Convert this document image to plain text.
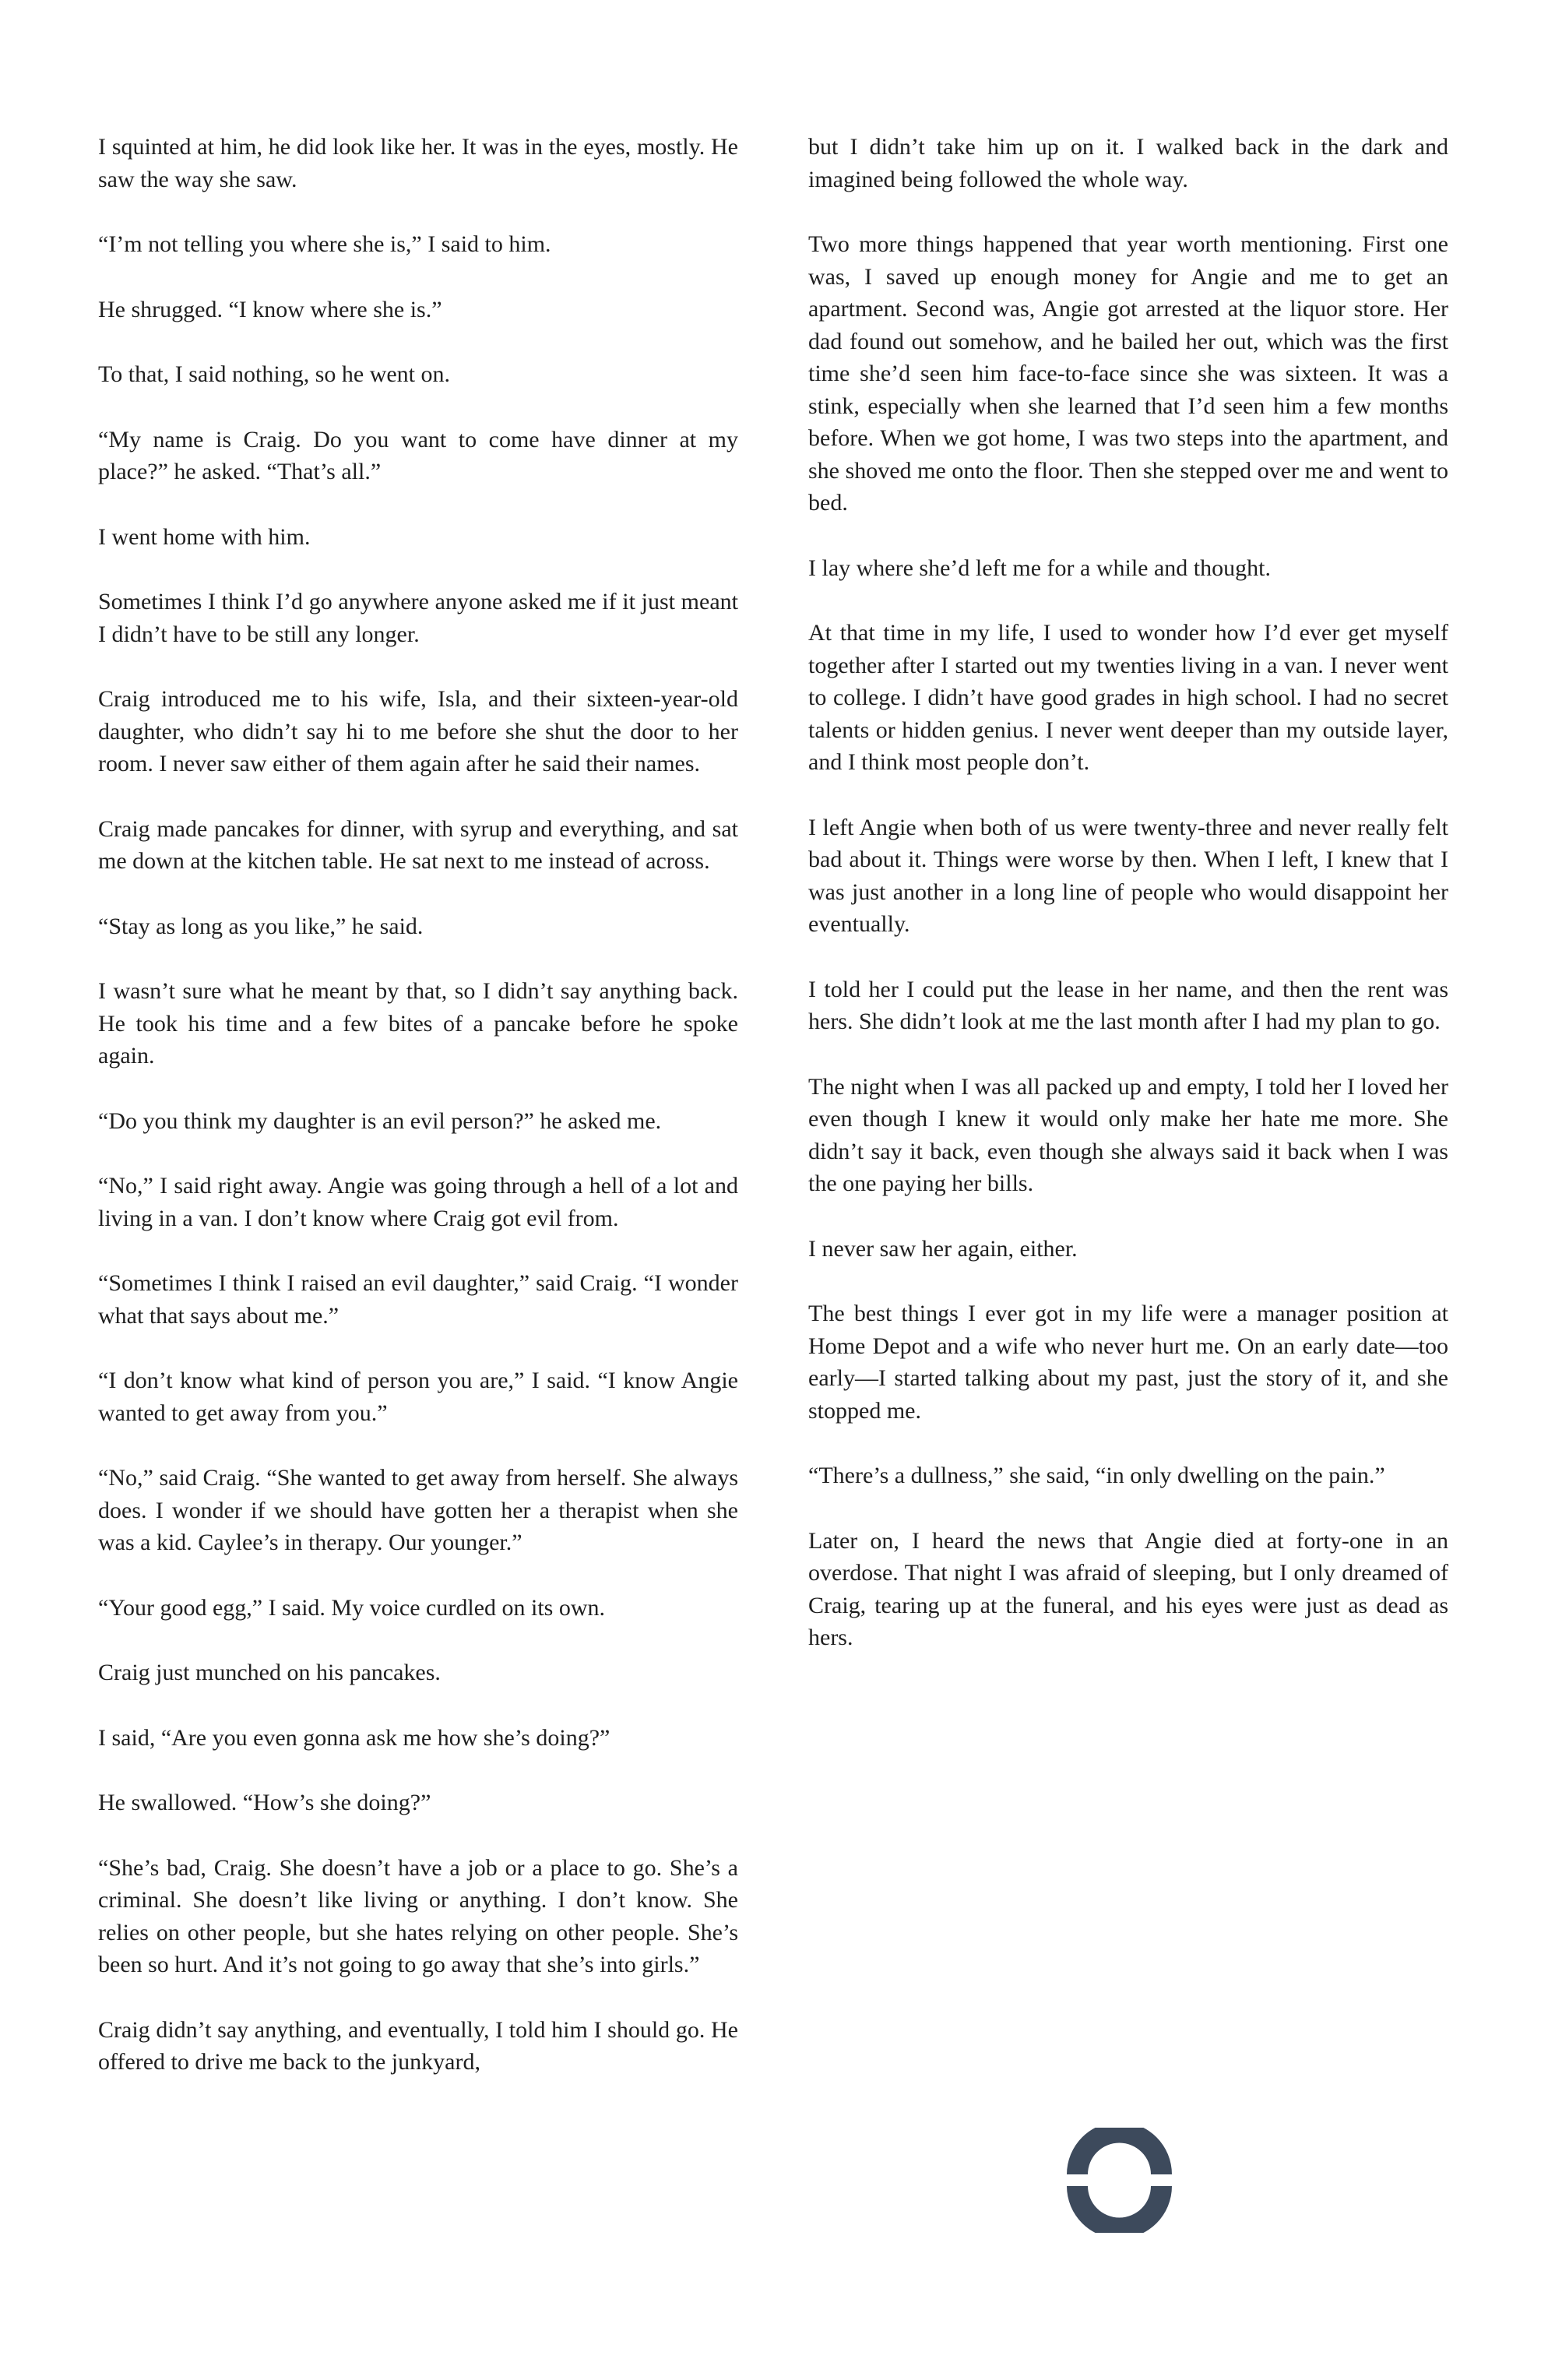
I squinted at him, he did look like her. It was in the eyes, mostly. He saw the way she saw.

“I’m not telling you where she is,” I said to him.

He shrugged. “I know where she is.”

To that, I said nothing, so he went on.

“My name is Craig. Do you want to come have dinner at my place?” he asked. “That’s all.”

I went home with him.

Sometimes I think I’d go anywhere anyone asked me if it just meant I didn’t have to be still any longer.

Craig introduced me to his wife, Isla, and their sixteen-year-old daughter, who didn’t say hi to me before she shut the door to her room. I never saw either of them again after he said their names.

Craig made pancakes for dinner, with syrup and everything, and sat me down at the kitchen table. He sat next to me instead of across.

“Stay as long as you like,” he said.

I wasn’t sure what he meant by that, so I didn’t say anything back. He took his time and a few bites of a pancake before he spoke again.

“Do you think my daughter is an evil person?” he asked me.

“No,” I said right away. Angie was going through a hell of a lot and living in a van. I don’t know where Craig got evil from.

“Sometimes I think I raised an evil daughter,” said Craig. “I wonder what that says about me.”

“I don’t know what kind of person you are,” I said. “I know Angie wanted to get away from you.”

“No,” said Craig. “She wanted to get away from herself. She always does. I wonder if we should have gotten her a therapist when she was a kid. Caylee’s in therapy. Our younger.”

“Your good egg,” I said. My voice curdled on its own.

Craig just munched on his pancakes.

I said, “Are you even gonna ask me how she’s doing?”

He swallowed. “How’s she doing?”

“She’s bad, Craig. She doesn’t have a job or a place to go. She’s a criminal. She doesn’t like living or anything. I don’t know. She relies on other people, but she hates relying on other people. She’s been so hurt. And it’s not going to go away that she’s into girls.”

Craig didn’t say anything, and eventually, I told him I should go. He offered to drive me back to the junkyard,

but I didn’t take him up on it. I walked back in the dark and imagined being followed the whole way.

Two more things happened that year worth mentioning. First one was, I saved up enough money for Angie and me to get an apartment. Second was, Angie got arrested at the liquor store. Her dad found out somehow, and he bailed her out, which was the first time she’d seen him face-to-face since she was sixteen. It was a stink, especially when she learned that I’d seen him a few months before. When we got home, I was two steps into the apartment, and she shoved me onto the floor. Then she stepped over me and went to bed.

I lay where she’d left me for a while and thought.

At that time in my life, I used to wonder how I’d ever get myself together after I started out my twenties living in a van. I never went to college. I didn’t have good grades in high school. I had no secret talents or hidden genius. I never went deeper than my outside layer, and I think most people don’t.

I left Angie when both of us were twenty-three and never really felt bad about it. Things were worse by then. When I left, I knew that I was just another in a long line of people who would disappoint her eventually.

I told her I could put the lease in her name, and then the rent was hers. She didn’t look at me the last month after I had my plan to go.

The night when I was all packed up and empty, I told her I loved her even though I knew it would only make her hate me more. She didn’t say it back, even though she always said it back when I was the one paying her bills.

I never saw her again, either.

The best things I ever got in my life were a manager position at Home Depot and a wife who never hurt me. On an early date—too early—I started talking about my past, just the story of it, and she stopped me.

“There’s a dullness,” she said, “in only dwelling on the pain.”

Later on, I heard the news that Angie died at forty-one in an overdose. That night I was afraid of sleeping, but I only dreamed of Craig, tearing up at the funeral, and his eyes were just as dead as hers.
